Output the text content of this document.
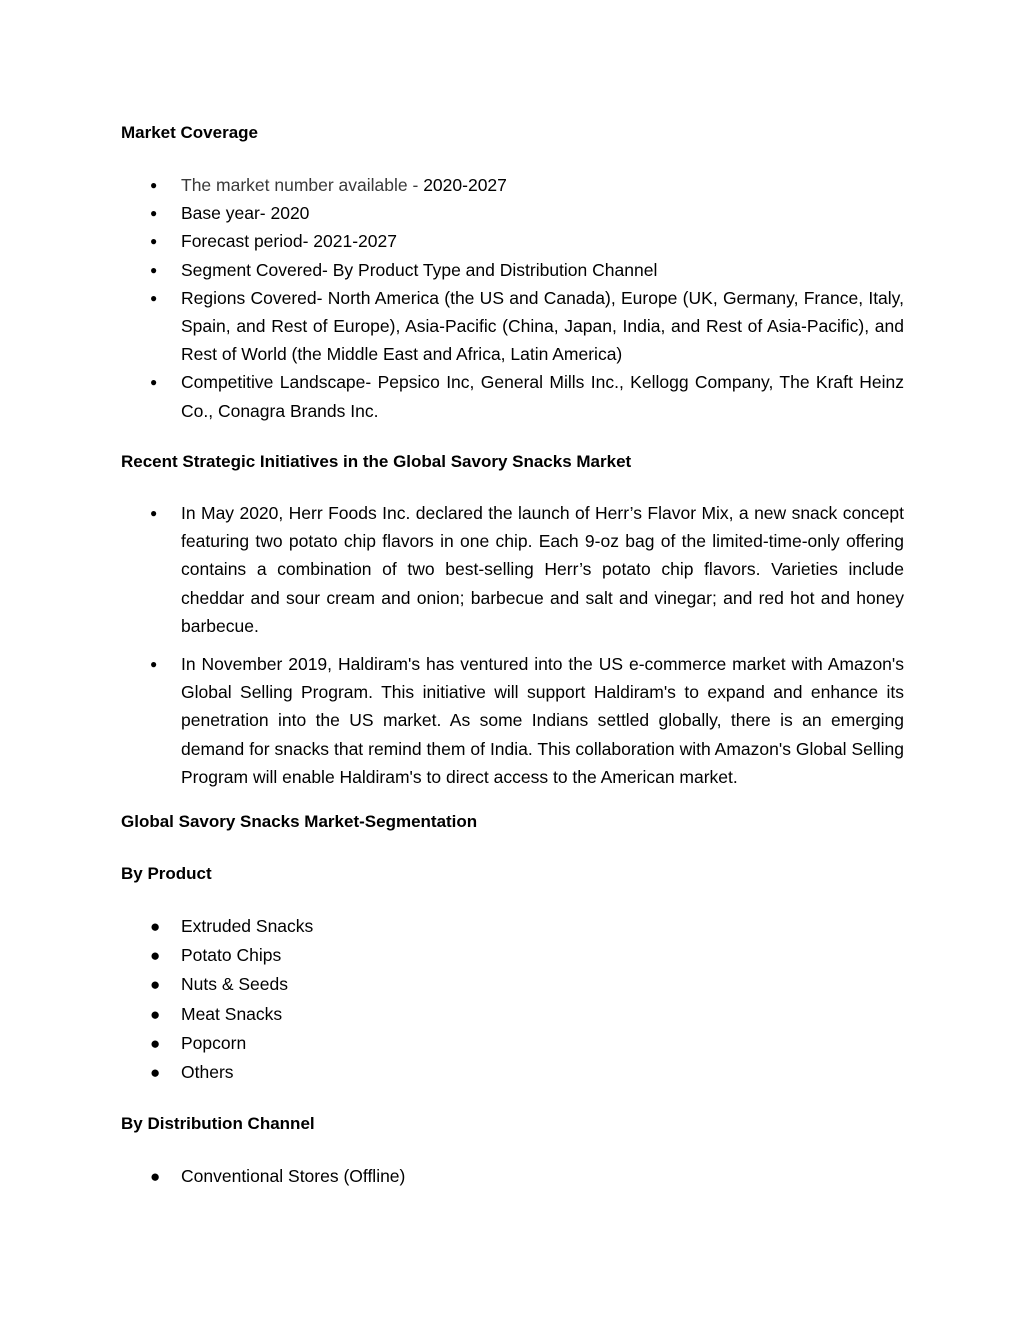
Market Coverage
● The market number available - 2020-2027
● Base year- 2020
● Forecast period- 2021-2027
● Segment Covered- By Product Type and Distribution Channel
● Regions Covered- North America (the US and Canada), Europe (UK, Germany, France, Italy, Spain, and Rest of Europe), Asia-Pacific (China, Japan, India, and Rest of Asia-Pacific), and Rest of World (the Middle East and Africa, Latin America)
● Competitive Landscape- Pepsico Inc, General Mills Inc., Kellogg Company, The Kraft Heinz Co., Conagra Brands Inc.
Recent Strategic Initiatives in the Global Savory Snacks Market
● In May 2020, Herr Foods Inc. declared the launch of Herr’s Flavor Mix, a new snack concept featuring two potato chip flavors in one chip. Each 9-oz bag of the limited-time-only offering contains a combination of two best-selling Herr’s potato chip flavors. Varieties include cheddar and sour cream and onion; barbecue and salt and vinegar; and red hot and honey barbecue.
● In November 2019, Haldiram's has ventured into the US e-commerce market with Amazon's Global Selling Program. This initiative will support Haldiram's to expand and enhance its penetration into the US market. As some Indians settled globally, there is an emerging demand for snacks that remind them of India. This collaboration with Amazon's Global Selling Program will enable Haldiram's to direct access to the American market.
Global Savory Snacks Market-Segmentation
By Product
● Extruded Snacks
● Potato Chips
● Nuts & Seeds
● Meat Snacks
● Popcorn
● Others
By Distribution Channel
● Conventional Stores (Offline)
